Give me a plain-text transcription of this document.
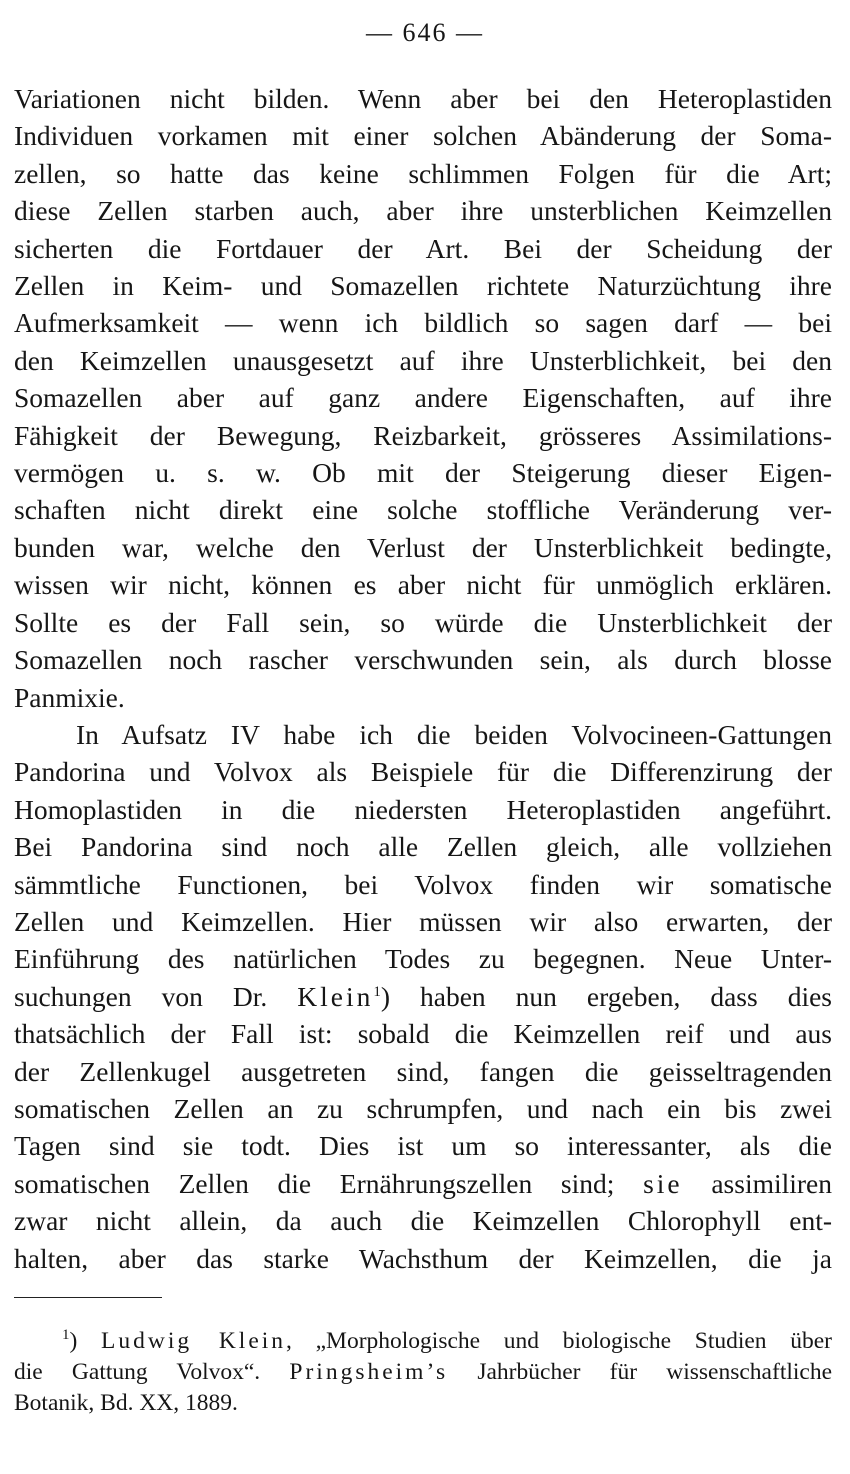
— 646 —

Variationen nicht bilden. Wenn aber bei den Heteroplastiden
Individuen vorkamen mit einer solchen Abänderung der Soma-
zellen, so hatte das keine schlimmen Folgen für die Art;
diese Zellen starben auch, aber ihre unsterblichen Keimzellen
sicherten die Fortdauer der Art. Bei der Scheidung der
Zellen in Keim- und Somazellen richtete Naturzüchtung ihre
Aufmerksamkeit — wenn ich bildlich so sagen darf — bei
den Keimzellen unausgesetzt auf ihre Unsterblichkeit, bei den
Somazellen aber auf ganz andere Eigenschaften, auf ihre
Fähigkeit der Bewegung, Reizbarkeit, grösseres Assimilations-
vermögen u. s. w. Ob mit der Steigerung dieser Eigen-
schaften nicht direkt eine solche stoffliche Veränderung ver-
bunden war, welche den Verlust der Unsterblichkeit bedingte,
wissen wir nicht, können es aber nicht für unmöglich erklären.
Sollte es der Fall sein, so würde die Unsterblichkeit der
Somazellen noch rascher verschwunden sein, als durch blosse
Panmixie.

In Aufsatz IV habe ich die beiden Volvocineen-Gattungen
Pandorina und Volvox als Beispiele für die Differenzirung der
Homoplastiden in die niedersten Heteroplastiden angeführt.
Bei Pandorina sind noch alle Zellen gleich, alle vollziehen
sämmtliche Functionen, bei Volvox finden wir somatische
Zellen und Keimzellen. Hier müssen wir also erwarten, der
Einführung des natürlichen Todes zu begegnen. Neue Unter-
suchungen von Dr. Klein$^1$) haben nun ergeben, dass dies
thatsächlich der Fall ist: sobald die Keimzellen reif und aus
der Zellenkugel ausgetreten sind, fangen die geisseltragenden
somatischen Zellen an zu schrumpfen, und nach ein bis zwei
Tagen sind sie todt. Dies ist um so interessanter, als die
somatischen Zellen die Ernährungszellen sind; sie assimiliren
zwar nicht allein, da auch die Keimzellen Chlorophyll ent-
halten, aber das starke Wachsthum der Keimzellen, die ja

$^1$) Ludwig Klein, „Morphologische und biologische Studien über
die Gattung Volvox“. Pringsheim’s Jahrbücher für wissenschaftliche
Botanik, Bd. XX, 1889.
